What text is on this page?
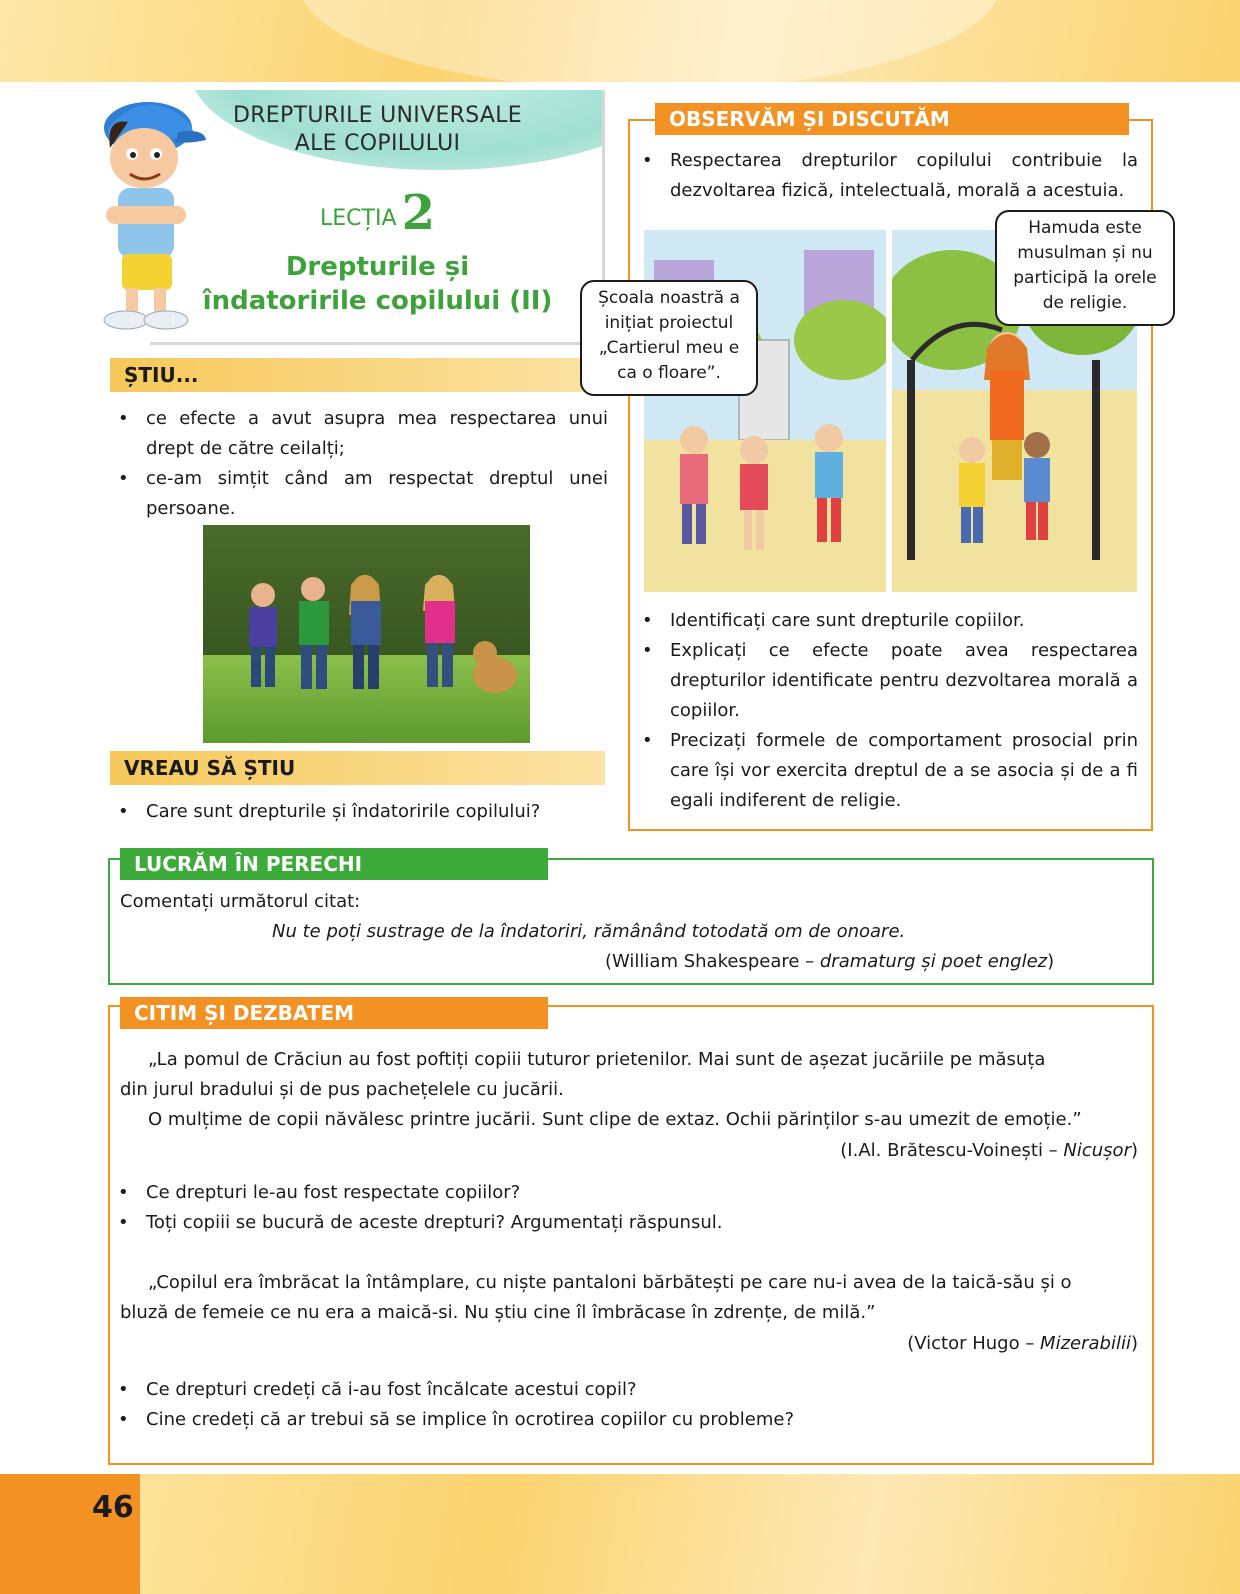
46
DREPTURILE UNIVERSALE
ALE COPILULUI
LECȚIA 2
Drepturile și
îndatoririle copilului (II)
ȘTIU...
• ce efecte a avut asupra mea respectarea unui drept de către ceilalți;
• ce-am simțit când am respectat dreptul unei persoane.
VREAU SĂ ȘTIU
• Care sunt drepturile și îndatoririle copilului?
OBSERVĂM ȘI DISCUTĂM
• Respectarea drepturilor copilului contribuie la dezvoltarea fizică, intelectuală, morală a acestuia.
Școala noastră a
inițiat proiectul
„Cartierul meu e
ca o floare”.
Hamuda este
musulman și nu
participă la orele
de religie.
• Identificați care sunt drepturile copiilor.
• Explicați ce efecte poate avea respectarea drepturilor identificate pentru dezvoltarea morală a copiilor.
• Precizați formele de comportament prosocial prin care își vor exercita dreptul de a se asocia și de a fi egali indiferent de religie.
LUCRĂM ÎN PERECHI
Comentați următorul citat:
Nu te poți sustrage de la îndatoriri, rămânând totodată om de onoare.
(William Shakespeare – dramaturg și poet englez)
CITIM ȘI DEZBATEM
„La pomul de Crăciun au fost poftiți copiii tuturor prietenilor. Mai sunt de așezat jucăriile pe măsuța
din jurul bradului și de pus pachețelele cu jucării.
O mulțime de copii năvălesc printre jucării. Sunt clipe de extaz. Ochii părinților s-au umezit de emoție.”
(I.Al. Brătescu-Voinești – Nicușor)
• Ce drepturi le-au fost respectate copiilor?
• Toți copiii se bucură de aceste drepturi? Argumentați răspunsul.
„Copilul era îmbrăcat la întâmplare, cu niște pantaloni bărbătești pe care nu-i avea de la taică-său și o
bluză de femeie ce nu era a maică-si. Nu știu cine îl îmbrăcase în zdrențe, de milă.”
(Victor Hugo – Mizerabilii)
• Ce drepturi credeți că i-au fost încălcate acestui copil?
• Cine credeți că ar trebui să se implice în ocrotirea copiilor cu probleme?
